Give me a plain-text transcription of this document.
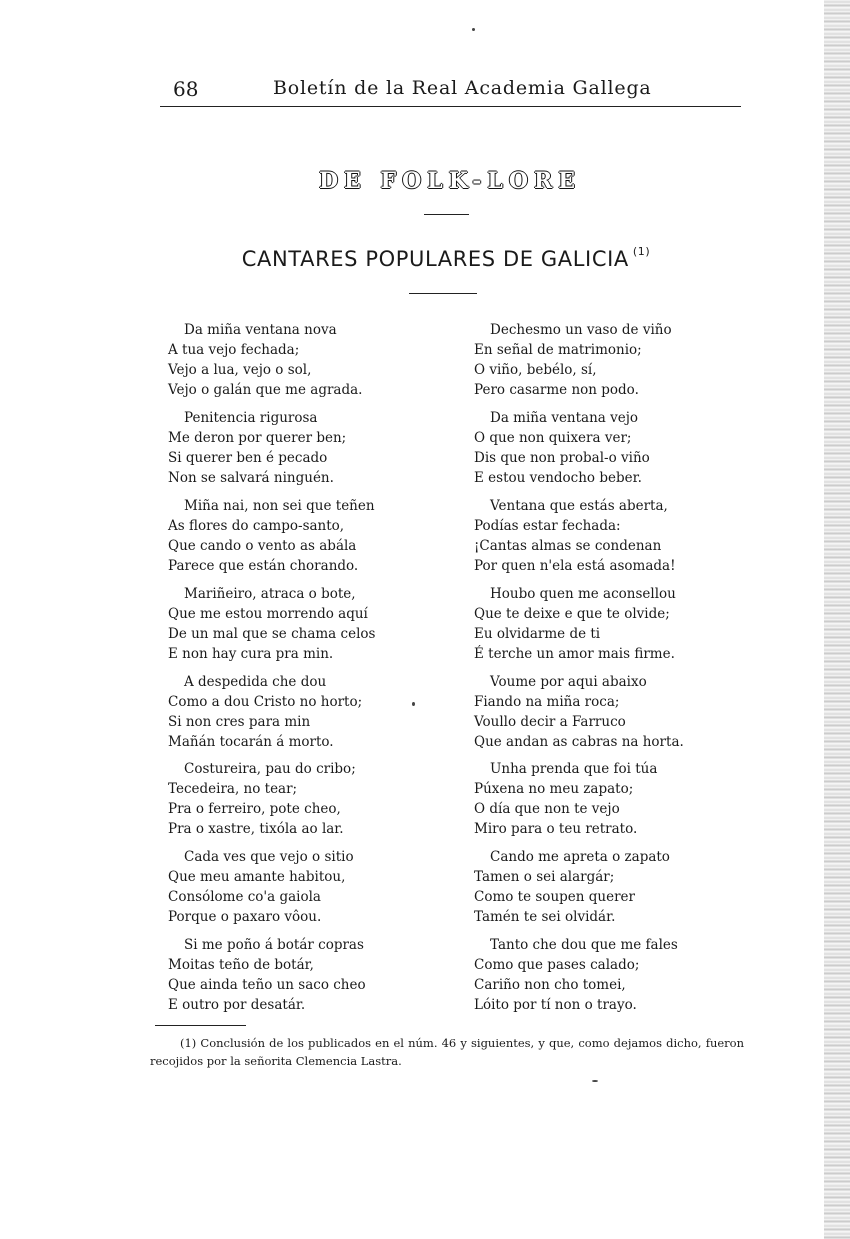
68	Boletín de la Real Academia Gallega
DE FOLK-LORE
CANTARES POPULARES DE GALICIA $^{(1)}$
Da miña ventana nova
A tua vejo fechada;
Vejo a lua, vejo o sol,
Vejo o galán que me agrada.
Penitencia rigurosa
Me deron por querer ben;
Si querer ben é pecado
Non se salvará ninguén.
Miña nai, non sei que teñen
As flores do campo-santo,
Que cando o vento as abála
Parece que están chorando.
Mariñeiro, atraca o bote,
Que me estou morrendo aquí
De un mal que se chama celos
E non hay cura pra min.
A despedida che dou
Como a dou Cristo no horto;
Si non cres para min
Mañán tocarán á morto.
Costureira, pau do cribo;
Tecedeira, no tear;
Pra o ferreiro, pote cheo,
Pra o xastre, tixóla ao lar.
Cada ves que vejo o sitio
Que meu amante habitou,
Consólome co'a gaiola
Porque o paxaro vôou.
Si me poño á botár copras
Moitas teño de botár,
Que ainda teño un saco cheo
E outro por desatár.
Dechesmo un vaso de viño
En señal de matrimonio;
O viño, bebélo, sí,
Pero casarme non podo.
Da miña ventana vejo
O que non quixera ver;
Dis que non probal-o viño
E estou vendocho beber.
Ventana que estás aberta,
Podías estar fechada:
¡Cantas almas se condenan
Por quen n'ela está asomada!
Houbo quen me aconsellou
Que te deixe e que te olvide;
Eu olvidarme de ti
É terche un amor mais firme.
Voume por aqui abaixo
Fiando na miña roca;
Voullo decir a Farruco
Que andan as cabras na horta.
Unha prenda que foi túa
Púxena no meu zapato;
O día que non te vejo
Miro para o teu retrato.
Cando me apreta o zapato
Tamen o sei alargár;
Como te soupen querer
Tamén te sei olvidár.
Tanto che dou que me fales
Como que pases calado;
Cariño non cho tomei,
Lóito por tí non o trayo.
(1) Conclusión de los publicados en el núm. 46 y siguientes, y que, como dejamos dicho, fueron recojidos por la señorita Clemencia Lastra.
